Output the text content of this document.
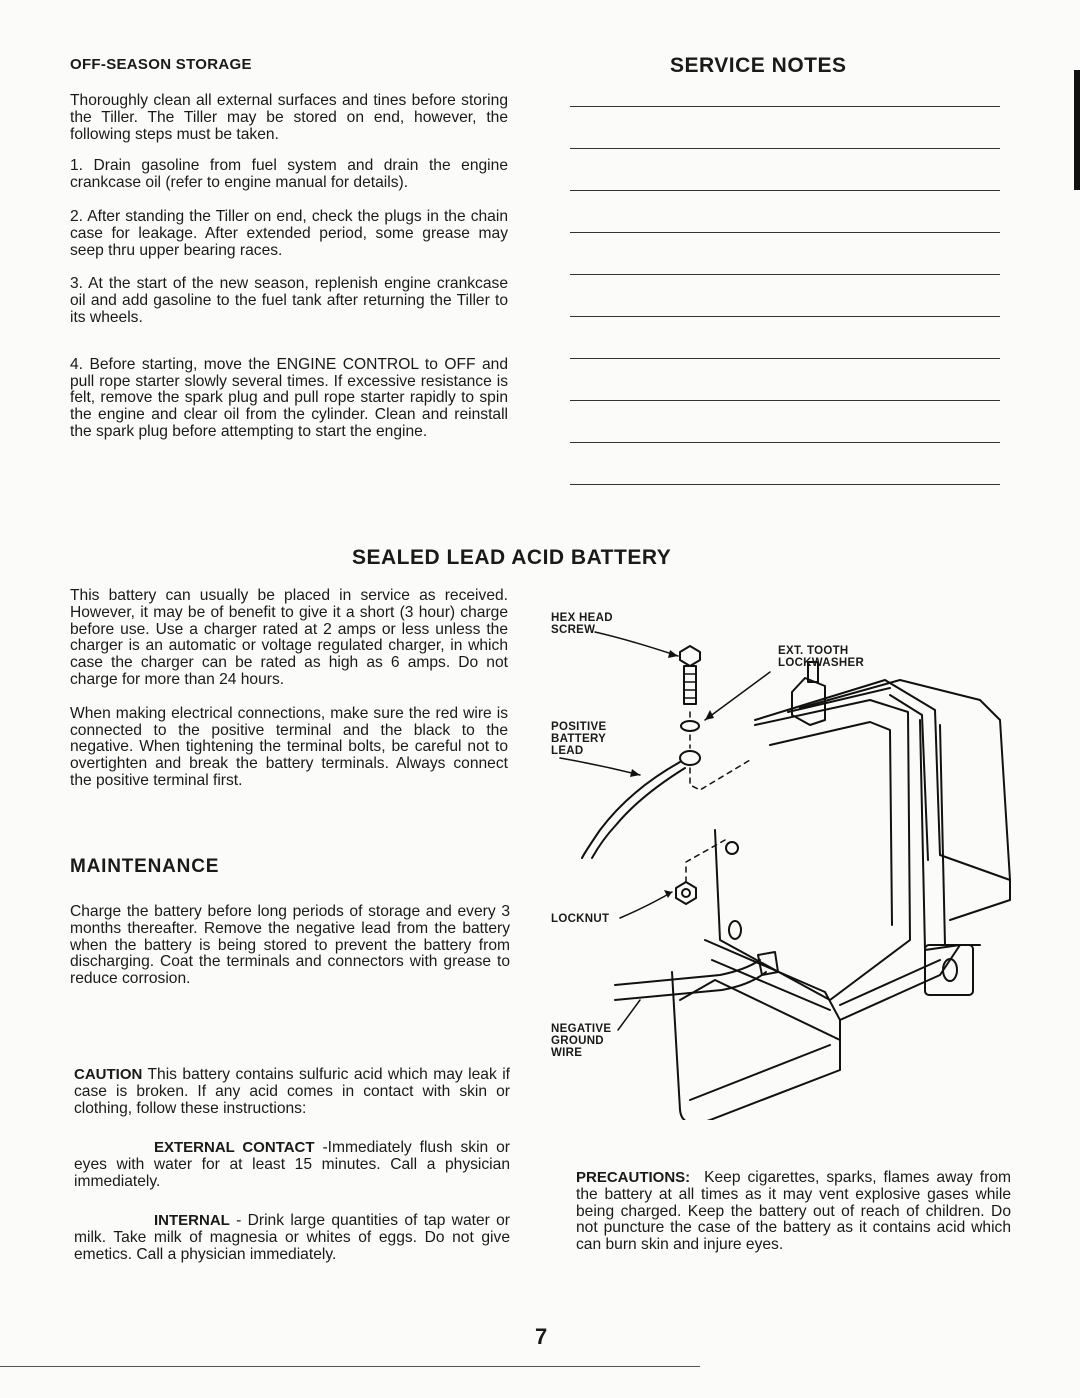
OFF-SEASON STORAGE

Thoroughly clean all external surfaces and tines before storing the Tiller. The Tiller may be stored on end, however, the following steps must be taken.

1. Drain gasoline from fuel system and drain the engine crankcase oil (refer to engine manual for details).

2. After standing the Tiller on end, check the plugs in the chain case for leakage. After extended period, some grease may seep thru upper bearing races.

3. At the start of the new season, replenish engine crankcase oil and add gasoline to the fuel tank after returning the Tiller to its wheels.

4. Before starting, move the ENGINE CONTROL to OFF and pull rope starter slowly several times. If excessive resistance is felt, remove the spark plug and pull rope starter rapidly to spin the engine and clear oil from the cylinder. Clean and reinstall the spark plug before attempting to start the engine.

SERVICE NOTES
SEALED LEAD ACID BATTERY

This battery can usually be placed in service as received. However, it may be of benefit to give it a short (3 hour) charge before use. Use a charger rated at 2 amps or less unless the charger is an automatic or voltage regulated charger, in which case the charger can be rated as high as 6 amps. Do not charge for more than 24 hours.

When making electrical connections, make sure the red wire is connected to the positive terminal and the black to the negative. When tightening the terminal bolts, be careful not to overtighten and break the battery terminals. Always connect the positive terminal first.

MAINTENANCE
Charge the battery before long periods of storage and every 3 months thereafter. Remove the negative lead from the battery when the battery is being stored to prevent the battery from discharging. Coat the terminals and connectors with grease to reduce corrosion.

CAUTION This battery contains sulfuric acid which may leak if case is broken. If any acid comes in contact with skin or clothing, follow these instructions:

EXTERNAL CONTACT -Immediately flush skin or eyes with water for at least 15 minutes. Call a physician immediately.
INTERNAL - Drink large quantities of tap water or milk. Take milk of magnesia or whites of eggs. Do not give emetics. Call a physician immediately.
HEX HEAD
SCREW
EXT. TOOTH
LOCKWASHER
POSITIVE
BATTERY
LEAD
LOCKNUT
NEGATIVE
GROUND
WIRE
PRECAUTIONS: Keep cigarettes, sparks, flames away from the battery at all times as it may vent explosive gases while being charged. Keep the battery out of reach of children. Do not puncture the case of the battery as it contains acid which can burn skin and injure eyes.
7
